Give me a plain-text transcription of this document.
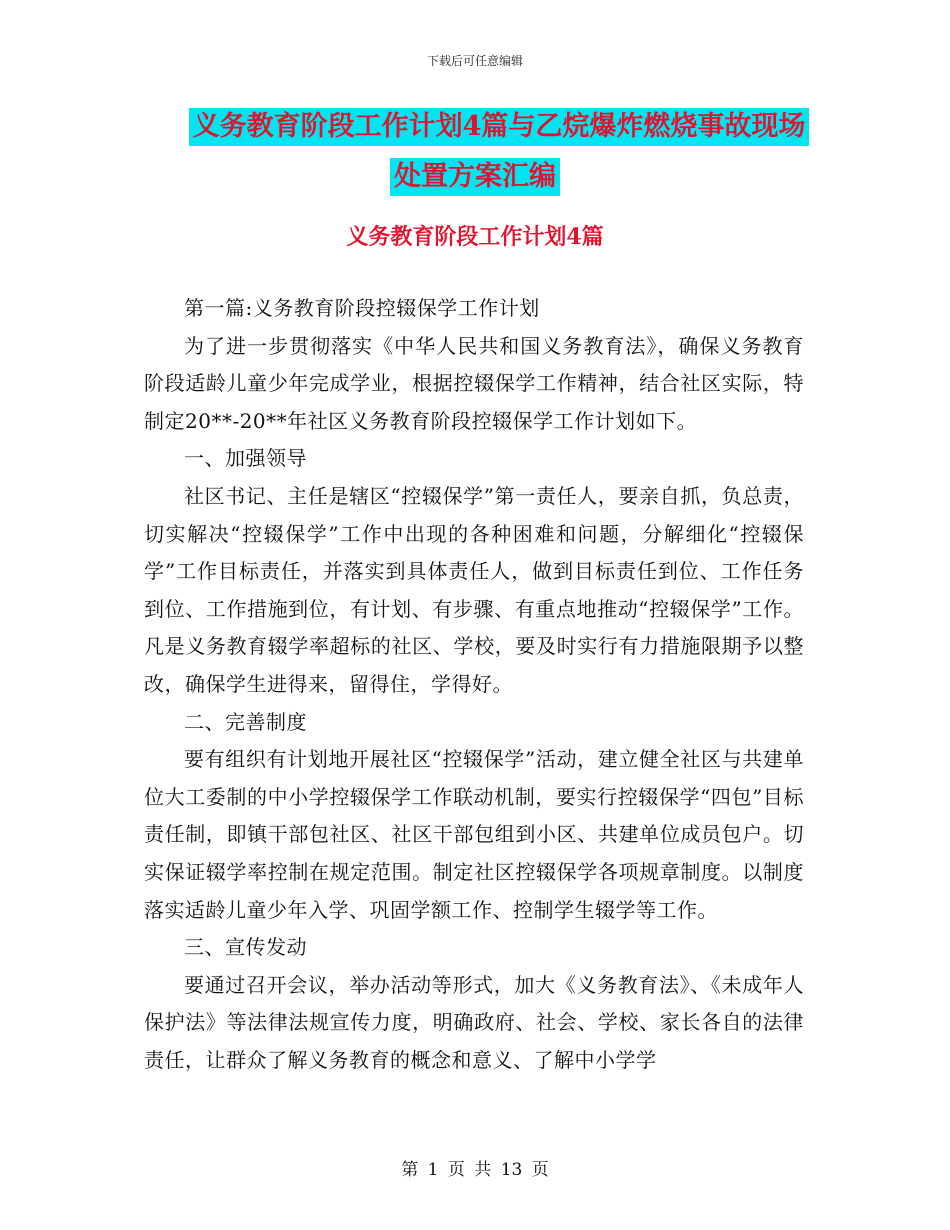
下载后可任意编辑
义务教育阶段工作计划4篇与乙烷爆炸燃烧事故现场
处置方案汇编
义务教育阶段工作计划4篇

第一篇:义务教育阶段控辍保学工作计划

为了进一步贯彻落实《中华人民共和国义务教育法》，确保义务教育阶段适龄儿童少年完成学业，根据控辍保学工作精神，结合社区实际，特制定20**-20**年社区义务教育阶段控辍保学工作计划如下。

一、加强领导

社区书记、主任是辖区“控辍保学”第一责任人，要亲自抓，负总责，切实解决“控辍保学”工作中出现的各种困难和问题，分解细化“控辍保学”工作目标责任，并落实到具体责任人，做到目标责任到位、工作任务到位、工作措施到位，有计划、有步骤、有重点地推动“控辍保学”工作。凡是义务教育辍学率超标的社区、学校，要及时实行有力措施限期予以整改，确保学生进得来，留得住，学得好。

二、完善制度

要有组织有计划地开展社区“控辍保学”活动，建立健全社区与共建单位大工委制的中小学控辍保学工作联动机制，要实行控辍保学“四包”目标责任制，即镇干部包社区、社区干部包组到小区、共建单位成员包户。切实保证辍学率控制在规定范围。制定社区控辍保学各项规章制度。以制度落实适龄儿童少年入学、巩固学额工作、控制学生辍学等工作。

三、宣传发动

要通过召开会议，举办活动等形式，加大《义务教育法》、《未成年人保护法》等法律法规宣传力度，明确政府、社会、学校、家长各自的法律责任，让群众了解义务教育的概念和意义、了解中小学学

第 1 页 共 13 页
